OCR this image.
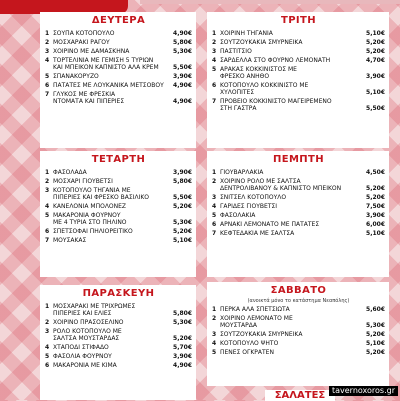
ΔΕΥΤΕΡΑ
1 ΣΟΥΠΑ ΚΟΤΟΠΟΥΛΟ	4,90€
2 ΜΟΣΧΑΡΑΚΙ ΡΑΓΟΥ	5,80€
3 ΧΟΙΡΙΝΟ ΜΕ ΔΑΜΑΣΚΗΝΑ	5,30€
4 ΤΟΡΤΕΛΙΝΙΑ ΜΕ ΓΕΜΙΣΗ 5 ΤΥΡΙΩΝ
ΚΑΙ ΜΠΕΙΚΟΝ ΚΑΠΝΙΣΤΟ ΑΛΑ ΚΡΕΜ	5,50€
5 ΣΠΑΝΑΚΟΡΥΖΟ	3,90€
6 ΠΑΤΑΤΕΣ ΜΕ ΛΟΥΚΑΝΙΚΑ ΜΕΤΣΟΒΟΥ	4,90€
7 ΓΛΥΚΟΣ ΜΕ ΦΡΕΣΚΙΑ
ΝΤΟΜΑΤΑ ΚΑΙ ΠΙΠΕΡΙΕΣ	4,90€
ΤΕΤΑΡΤΗ
1 ΦΑΣΟΛΑΔΑ	3,90€
2 ΜΟΣΧΑΡΙ ΓΙΟΥΒΕΤΣΙ	5,80€
3 ΚΟΤΟΠΟΥΛΟ ΤΗΓΑΝΙΑ ΜΕ
ΠΙΠΕΡΙΕΣ ΚΑΙ ΦΡΕΣΚΟ ΒΑΣΙΛΙΚΟ	5,50€
4 ΚΑΝΕΛΟΝΙΑ ΜΠΟΛΟΝΕΖ	5,20€
5 ΜΑΚΑΡΟΝΙΑ ΦΟΥΡΝΟΥ
ΜΕ 4 ΤΥΡΙΑ ΣΤΟ ΠΗΛΙΝΟ	5,30€
6 ΣΠΕΤΣΟΦΑΙ ΠΗΛΙΟΡΕΙΤΙΚΟ	5,20€
7 ΜΟΥΣΑΚΑΣ	5,10€
ΠΑΡΑΣΚΕΥΗ
1 ΜΟΣΧΑΡΑΚΙ ΜΕ ΤΡΙΧΡΩΜΕΣ
ΠΙΠΕΡΙΕΣ ΚΑΙ ΕΛΙΕΣ	5,80€
2 ΧΟΙΡΙΝΟ ΠΡΑΣΟΣΕΛΙΝΟ	5,30€
3 ΡΟΛΟ ΚΟΤΟΠΟΥΛΟ ΜΕ
ΣΑΛΤΣΑ ΜΟΥΣΤΑΡΔΑΣ	5,20€
4 ΧΤΑΠΟΔΙ ΣΤΙΦΑΔΟ	5,70€
5 ΦΑΣΟΛΙΑ ΦΟΥΡΝΟΥ	3,90€
6 ΜΑΚΑΡΟΝΙΑ ΜΕ ΚΙΜΑ	4,90€
ΤΡΙΤΗ
1 ΧΟΙΡΙΝΗ ΤΗΓΑΝΙΑ	5,10€
2 ΣΟΥΤΖΟΥΚΑΚΙΑ ΣΜΥΡΝΕΙΚΑ	5,20€
3 ΠΑΣΤΙΤΣΙΟ	5,20€
4 ΣΑΡΔΕΛΛΑ ΣΤΟ ΦΟΥΡΝΟ ΛΕΜΟΝΑΤΗ	4,70€
5 ΑΡΑΚΑΣ ΚΟΚΚΙΝΙΣΤΟΣ ΜΕ
ΦΡΕΣΚΟ ΑΝΗΘΟ	3,90€
6 ΚΟΤΟΠΟΥΛΟ ΚΟΚΚΙΝΙΣΤΟ ΜΕ
ΧΥΛΟΠΙΤΕΣ	5,10€
7 ΠΡΟΒΕΙΟ ΚΟΚΚΙΝΙΣΤΟ ΜΑΓΕΙΡΕΜΕΝΟ
ΣΤΗ ΓΑΣΤΡΑ	5,50€
ΠΕΜΠΤΗ
1 ΓΙΟΥΒΑΡΛΑΚΙΑ	4,50€
2 ΧΟΙΡΙΝΟ ΡΟΛΟ ΜΕ ΣΑΛΤΣΑ
ΔΕΝΤΡΟΛΙΒΑΝΟΥ & ΚΑΠΝΙΣΤΟ ΜΠΕΙΚΟΝ	5,20€
3 ΣΝΙΤΣΕΛ ΚΟΤΟΠΟΥΛΟ	5,20€
4 ΓΑΡΙΔΕΣ ΓΙΟΥΒΕΤΣΙ	7,50€
5 ΦΑΣΟΛΑΚΙΑ	3,90€
6 ΑΡΝΑΚΙ ΛΕΜΟΝΑΤΟ ΜΕ ΠΑΤΑΤΕΣ	6,00€
7 ΚΕΦΤΕΔΑΚΙΑ ΜΕ ΣΑΛΤΣΑ	5,10€
ΣΑΒΒΑΤΟ
(ανοικτά μόνο το κατάστημα Νεαπόλης)
1 ΠΕΡΚΑ ΑΛΑ ΣΠΕΤΣΙΩΤΑ	5,60€
2 ΧΟΙΡΙΝΟ ΛΕΜΟΝΑΤΟ ΜΕ
ΜΟΥΣΤΑΡΔΑ	5,30€
3 ΣΟΥΤΖΟΥΚΑΚΙΑ ΣΜΥΡΝΕΙΚΑ	5,20€
4 ΚΟΤΟΠΟΥΛΟ ΨΗΤΟ	5,10€
5 ΠΕΝΕΣ ΟΓΚΡΑΤΕΝ	5,20€
ΣΑΛΑΤΕΣ tavernoxoros.gr
